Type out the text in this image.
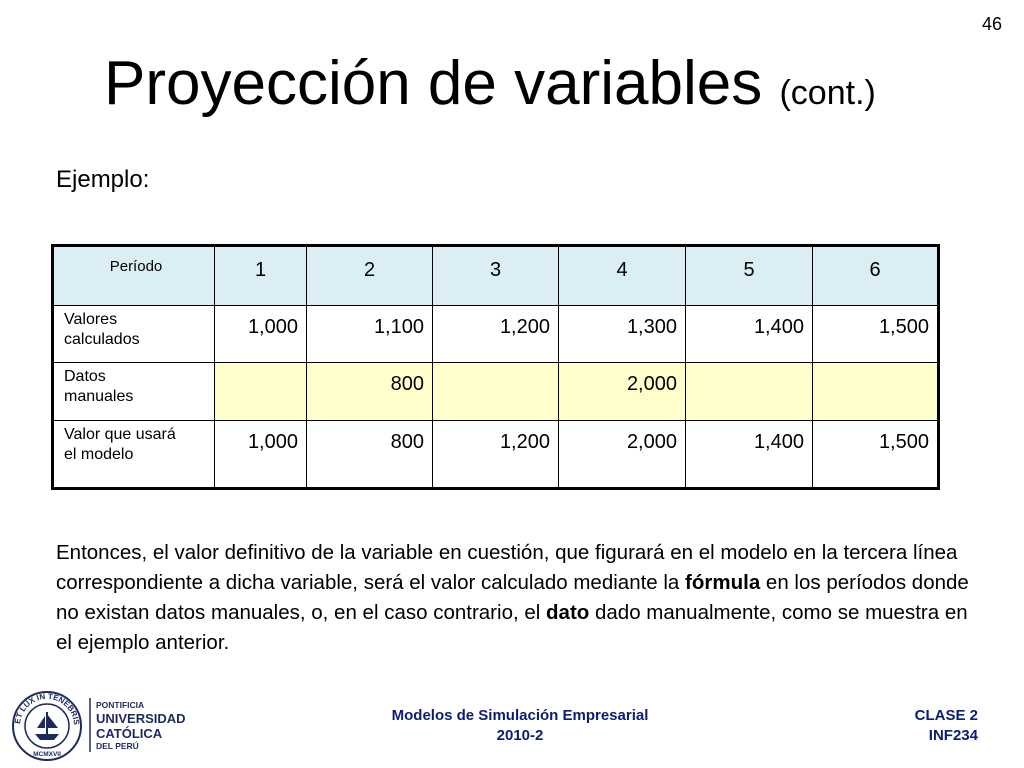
46
Proyección de variables (cont.)
Ejemplo:
Período	1	2	3	4	5	6
Valores
calculados	1,000	1,100	1,200	1,300	1,400	1,500
Datos
manuales		800		2,000		
Valor que usará
el modelo	1,000	800	1,200	2,000	1,400	1,500
Entonces, el valor definitivo de la variable en cuestión, que figurará en el modelo en la tercera línea correspondiente a dicha variable, será el valor calculado mediante la fórmula en los períodos donde no existan datos manuales, o, en el caso contrario, el dato dado manualmente, como se muestra en el ejemplo anterior.
ET LUX IN TENEBRIS
MCMXVII
PONTIFICIA
UNIVERSIDAD
CATÓLICA
DEL PERÚ
Modelos de Simulación Empresarial
2010-2
CLASE 2
INF234
